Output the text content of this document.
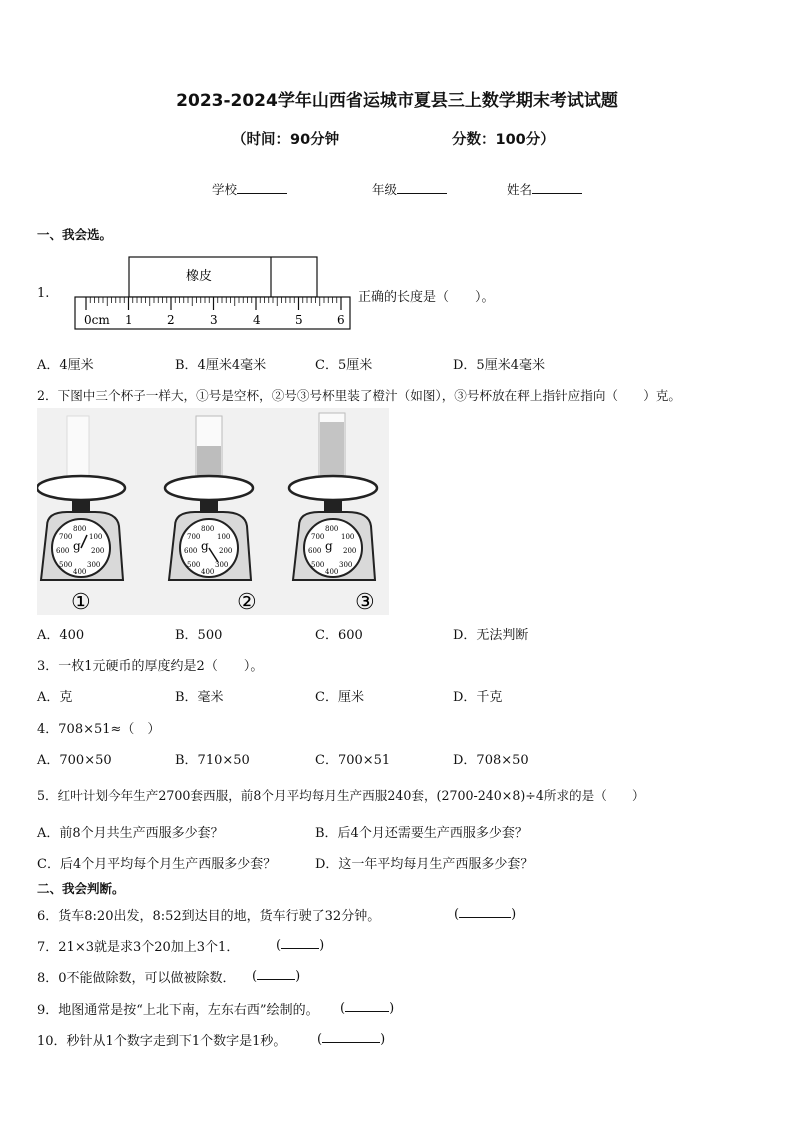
2023-2024学年山西省运城市夏县三上数学期末考试试题
（时间：90分钟	分数：100分）
学校	年级	姓名
一、我会选。
1.
橡皮
0cm 1	2	3	4	5	6
正确的长度是（　　）。
A．4厘米	B．4厘米4毫米	C．5厘米	D．5厘米4毫米
2．下图中三个杯子一样大，①号是空杯，②号③号杯里装了橙汁（如图），③号杯放在秤上指针应指向（　　）克。
g
800
100
200
300
400
500
600
700
①
g
800
100
200
300
400
500
600
700
②
g
800
100
200
300
400
500
600
700
③
A．400	B．500	C．600	D．无法判断
3．一枚1元硬币的厚度约是2（　　）。
A．克	B．毫米	C．厘米	D．千克
4．708×51≈（　）
A．700×50	B．710×50	C．700×51	D．708×50
5．红叶计划今年生产2700套西服，前8个月平均每月生产西服240套，(2700-240×8)÷4所求的是（　　）
A．前8个月共生产西服多少套？	B．后4个月还需要生产西服多少套？
C．后4个月平均每个月生产西服多少套？	D．这一年平均每月生产西服多少套？
二、我会判断。
6．货车8:20出发，8:52到达目的地，货车行驶了32分钟。	(	)
7．21×3就是求3个20加上3个1．	(	)
8．0不能做除数，可以做被除数． (	)
9．地图通常是按“上北下南，左东右西”绘制的。 (	)
10．秒针从1个数字走到下1个数字是1秒。 (	)
